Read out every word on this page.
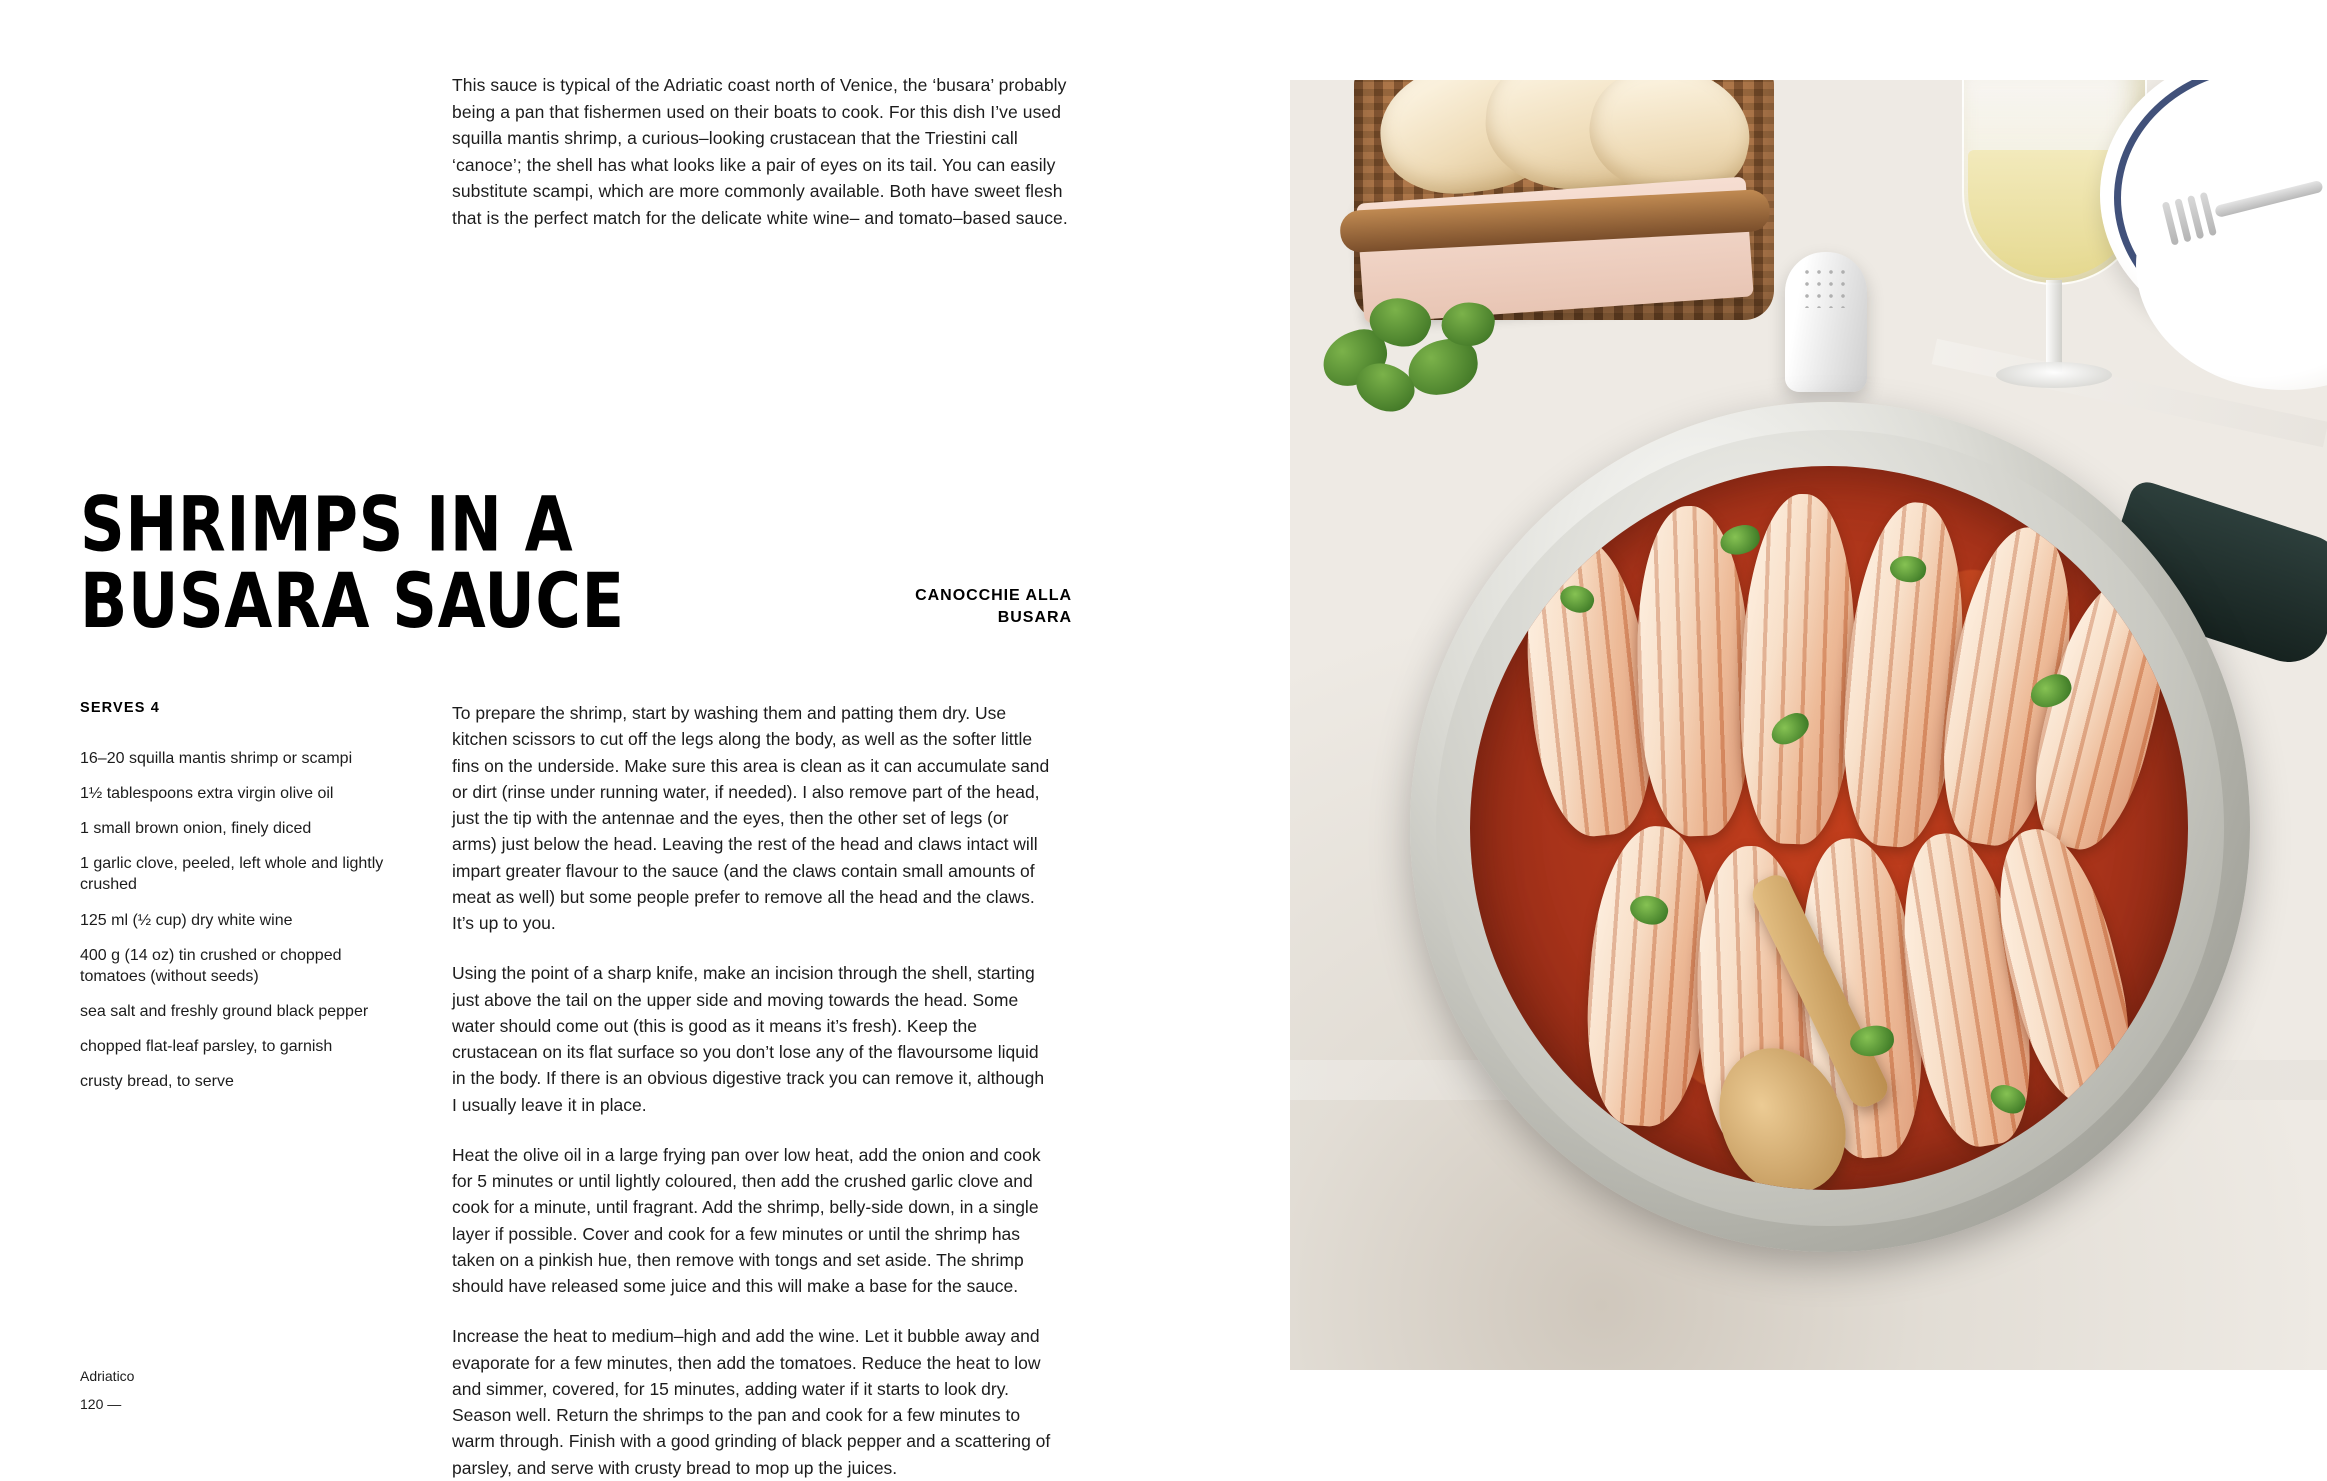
This sauce is typical of the Adriatic coast north of Venice, the ‘busara’ probably being a pan that fishermen used on their boats to cook. For this dish I’ve used squilla mantis shrimp, a curious–looking crustacean that the Triestini call ‘canoce’; the shell has what looks like a pair of eyes on its tail. You can easily substitute scampi, which are more commonly available. Both have sweet flesh that is the perfect match for the delicate white wine– and tomato–based sauce.
SHRIMPS IN A
BUSARA SAUCE	CANOCCHIE ALLA
BUSARA
SERVES 4
16–20 squilla mantis shrimp or scampi
1½ tablespoons extra virgin olive oil
1 small brown onion, finely diced
1 garlic clove, peeled, left whole and lightly crushed
125 ml (½ cup) dry white wine
400 g (14 oz) tin crushed or chopped tomatoes (without seeds)
sea salt and freshly ground black pepper
chopped flat-leaf parsley, to garnish
crusty bread, to serve

To prepare the shrimp, start by washing them and patting them dry. Use kitchen scissors to cut off the legs along the body, as well as the softer little fins on the underside. Make sure this area is clean as it can accumulate sand or dirt (rinse under running water, if needed). I also remove part of the head, just the tip with the antennae and the eyes, then the other set of legs (or arms) just below the head. Leaving the rest of the head and claws intact will impart greater flavour to the sauce (and the claws contain small amounts of meat as well) but some people prefer to remove all the head and the claws. It’s up to you.

Using the point of a sharp knife, make an incision through the shell, starting just above the tail on the upper side and moving towards the head. Some water should come out (this is good as it means it’s fresh). Keep the crustacean on its flat surface so you don’t lose any of the flavoursome liquid in the body. If there is an obvious digestive track you can remove it, although I usually leave it in place.

Heat the olive oil in a large frying pan over low heat, add the onion and cook for 5 minutes or until lightly coloured, then add the crushed garlic clove and cook for a minute, until fragrant. Add the shrimp, belly-side down, in a single layer if possible. Cover and cook for a few minutes or until the shrimp has taken on a pinkish hue, then remove with tongs and set aside. The shrimp should have released some juice and this will make a base for the sauce.

Increase the heat to medium–high and add the wine. Let it bubble away and evaporate for a few minutes, then add the tomatoes. Reduce the heat to low and simmer, covered, for 15 minutes, adding water if it starts to look dry. Season well. Return the shrimps to the pan and cook for a few minutes to warm through. Finish with a good grinding of black pepper and a scattering of parsley, and serve with crusty bread to mop up the juices.

Adriatico
120 —
